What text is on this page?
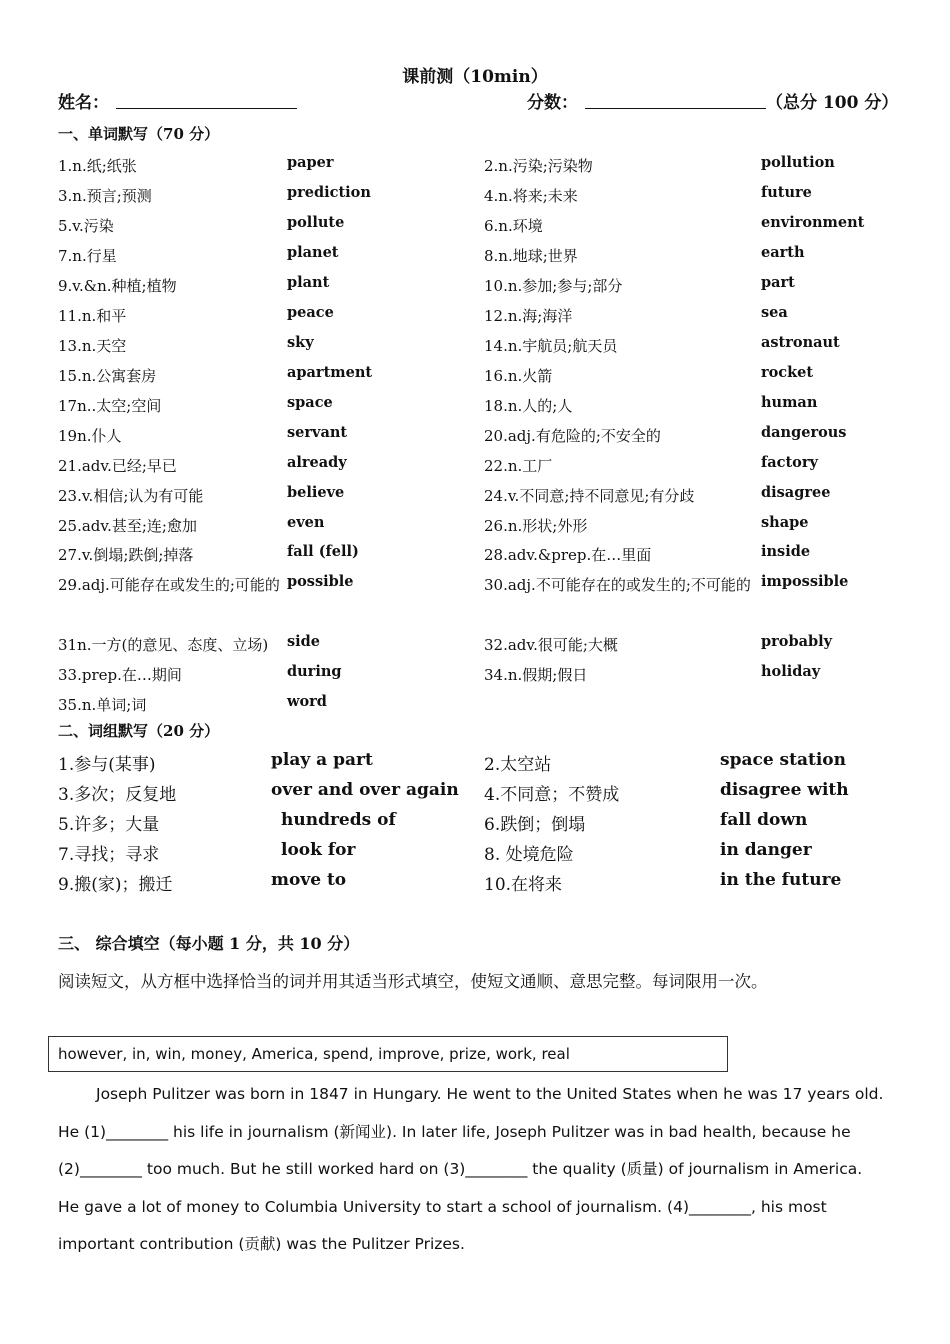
课前测（10min）
姓名：	分数：	（总分 100 分）
一、单词默写（70 分）
1.n.纸;纸张	paper	2.n.污染;污染物	pollution
3.n.预言;预测	prediction	4.n.将来;未来	future
5.v.污染	pollute	6.n.环境	environment
7.n.行星	planet	8.n.地球;世界	earth
9.v.&n.种植;植物	plant	10.n.参加;参与;部分	part
11.n.和平	peace	12.n.海;海洋	sea
13.n.天空	sky	14.n.宇航员;航天员	astronaut
15.n.公寓套房	apartment	16.n.火箭	rocket
17n..太空;空间	space	18.n.人的;人	human
19n.仆人	servant	20.adj.有危险的;不安全的	dangerous
21.adv.已经;早已	already	22.n.工厂	factory
23.v.相信;认为有可能	believe	24.v.不同意;持不同意见;有分歧	disagree
25.adv.甚至;连;愈加	even	26.n.形状;外形	shape
27.v.倒塌;跌倒;掉落	fall (fell)	28.adv.&prep.在…里面	inside
29.adj.可能存在或发生的;可能的 possible	30.adj.不可能存在的或发生的;不可能的 impossible
31n.一方(的意见、态度、立场)	side	32.adv.很可能;大概	probably
33.prep.在…期间	during	34.n.假期;假日	holiday
35.n.单词;词	word
二、词组默写（20 分）
1.参与(某事)	play a part	2.太空站	space station
3.多次；反复地	over and over again 4.不同意；不赞成	disagree with
5.许多；大量	hundreds of	6.跌倒；倒塌	fall down
7.寻找；寻求	look for	8. 处境危险	in danger
9.搬(家)；搬迁	move to	10.在将来	in the future
三、 综合填空（每小题 1 分，共 10 分）
阅读短文，从方框中选择恰当的词并用其适当形式填空，使短文通顺、意思完整。每词限用一次。
however, in, win, money, America, spend, improve, prize, work, real
Joseph Pulitzer was born in 1847 in Hungary. He went to the United States when he was 17 years old.
He (1)________ his life in journalism (新闻业). In later life, Joseph Pulitzer was in bad health, because he
(2)________ too much. But he still worked hard on (3)________ the quality (质量) of journalism in America.
He gave a lot of money to Columbia University to start a school of journalism. (4)________, his most
important contribution (贡献) was the Pulitzer Prizes.
